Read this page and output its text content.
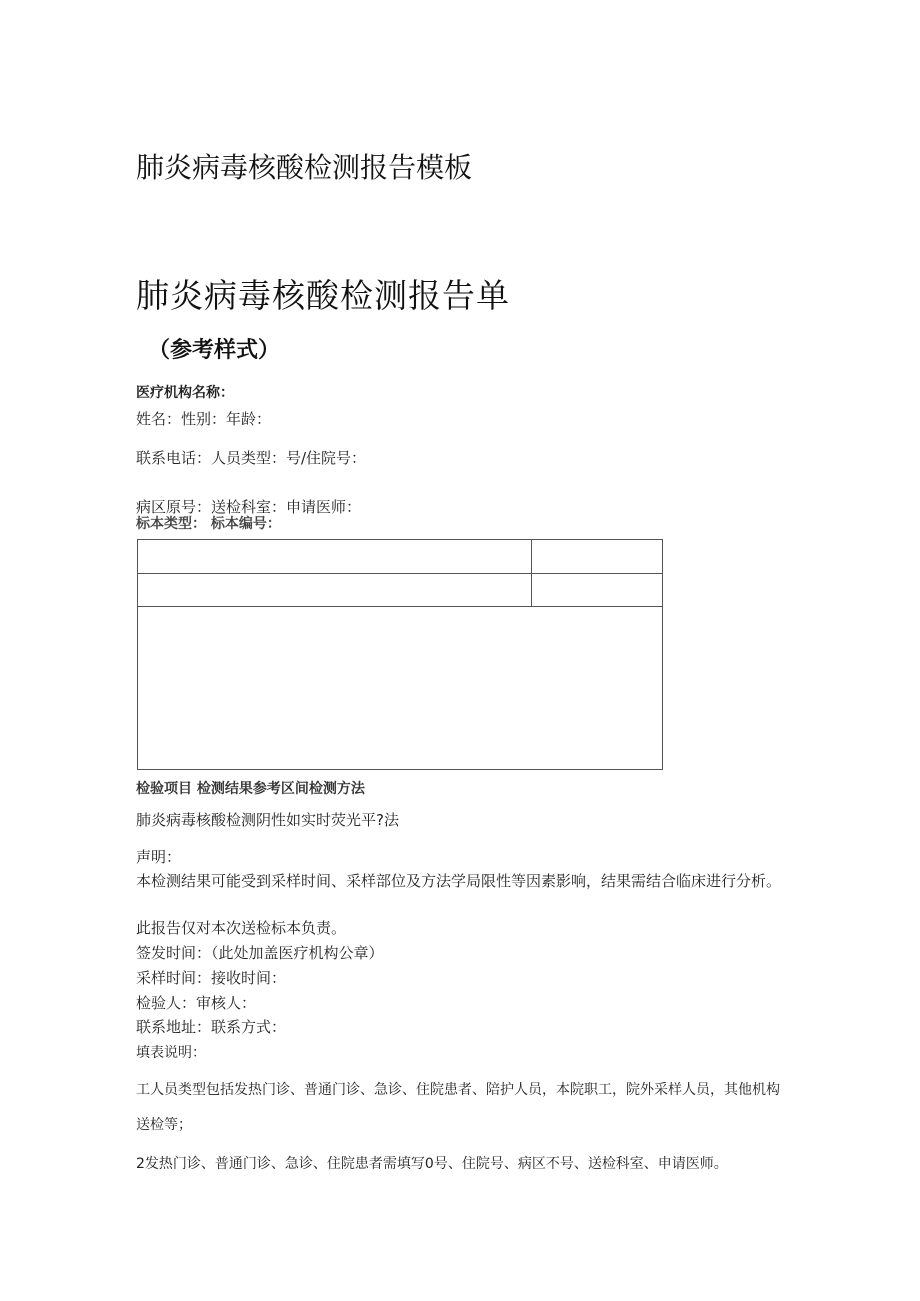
肺炎病毒核酸检测报告模板
肺炎病毒核酸检测报告单
（参考样式）
医疗机构名称：
姓名：性别：年龄：
联系电话：人员类型：号/住院号：
病区原号：送检科室：申请医师：
标本类型： 标本编号：
检验项目 检测结果参考区间检测方法
肺炎病毒核酸检测阴性如实时荧光平?法
声明：
本检测结果可能受到采样时间、采样部位及方法学局限性等因素影响，结果需结合临床进行分析。
此报告仅对本次送检标本负责。
签发时间：（此处加盖医疗机构公章）
采样时间：接收时间：
检验人：审核人：
联系地址：联系方式：
填表说明：
工人员类型包括发热门诊、普通门诊、急诊、住院患者、陪护人员，本院职工，院外采样人员，其他机构
送检等；
2发热门诊、普通门诊、急诊、住院患者需填写0号、住院号、病区不号、送检科室、申请医师。
